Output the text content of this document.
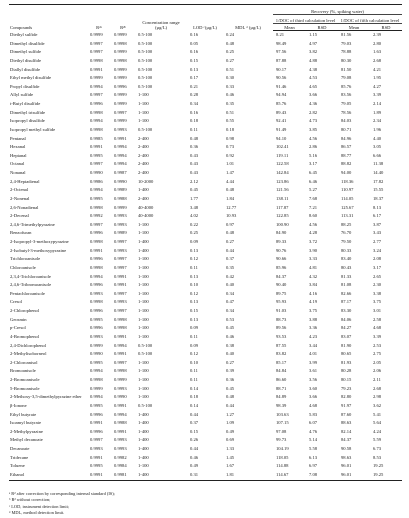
Compounds	R²ᵃ	R²ᵇ	Concentration range (µg/L)	LOD ᶜ(µg/L)	MDL ᵈ (µg/L)	Recovery (%, spiking water)			
						1/DOC of third calculation level		1/DOC of fifth calculation level	
						Mean	RSD	Mean	RSD
Diethyl sulfide	0.9999	0.9999	0.5-100	0.16	0.24	8.21	1.15	81.56	2.39
Dimethyl disulfide	0.9997	0.9998	0.5-100	0.05	0.48	98.49	4.97	79.03	2.80
Dimethyl sulfide	0.9997	0.9999	0.5-100	0.16	0.25	97.56	3.82	78.88	1.63
Diethyl disulfide	0.9998	0.9998	0.5-100	0.15	0.27	87.88	4.88	80.30	2.68
Diallyl disulfide	0.9991	0.9999	0.5-100	0.13	0.51	90.17	4.38	81.50	4.21
Ethyl methyl disulfide	0.9999	0.9999	0.5-100	0.17	0.30	90.56	4.53	79.08	1.95
Propyl disulfide	0.9994	0.9996	0.5-100	0.21	0.33	91.46	4.65	85.76	4.27
Allyl sulfide	0.9997	0.9999	1-100	0.28	0.46	94.94	3.66	83.56	3.39
t-Butyl disulfide	0.9996	0.9999	1-100	0.34	0.35	85.76	4.36	79.05	2.14
Dimethyl trisulfide	0.9998	0.9997	1-100	0.16	0.51	89.43	2.82	78.56	1.89
Isopropyl disulfide	0.9994	0.9999	1-100	0.18	0.55	92.41	4.73	84.03	2.34
Isopropyl methyl sulfide	0.9998	0.9993	0.5-100	0.11	0.18	91.49	3.85	80.71	1.96
Pentanal	0.9985	0.9991	2-400	0.48	0.98	94.10	4.56	84.96	4.40
Hexanal	0.9991	0.9994	2-400	0.36	0.73	102.41	2.86	86.57	3.05
Heptanal	0.9995	0.9994	2-400	0.43	0.92	119.11	5.16	88.77	6.66
Octanal	0.9997	0.9994	2-400	0.43	1.01	122.58	3.17	88.82	11.38
Nonanal	0.9990	0.9987	2-400	0.43	1.47	142.84	6.45	94.00	14.40
2,4-Heptadienal	0.9986	0.9990	10-2000	2.12	4.44	123.86	6.46	118.36	17.82
2-Octenal	0.9994	0.9989	1-400	0.45	0.48	121.56	5.27	110.97	15.55
2-Nonenal	0.9995	0.9988	2-400	1.77	1.84	138.11	7.68	114.05	18.37
2,6-Nonadienal	0.9998	0.9999	40-4000	3.48	12.77	117.87	7.21	125.67	8.13
2-Decenal	0.9992	0.9993	40-4000	4.02	10.93	122.85	8.60	113.31	6.17
2,4,6-Trimethylpyrazine	0.9997	0.9993	1-100	0.22	0.97	100.90	4.56	88.25	3.87
Benzofuran	0.9996	0.9989	1-100	0.25	0.48	84.90	4.28	76.70	3.43
2-Isopropyl-3-methoxypyrazine	0.9998	0.9997	1-400	0.09	0.27	89.33	3.72	79.50	2.77
2-Isobutyl-3-methoxypyrazine	0.9991	0.9993	1-400	0.13	0.44	90.76	3.90	80.33	3.24
Trichloroanisole	0.9996	0.9997	1-100	0.12	0.37	90.66	3.33	83.40	2.08
Chloroanisole	0.9998	0.9997	1-100	0.11	0.35	85.96	4.81	80.43	3.17
2,3,4-Trichloroanisole	0.9994	0.9991	1-100	0.13	0.42	84.37	4.32	81.33	2.65
2,4,6-Tribromoanisole	0.9996	0.9991	1-100	0.10	0.40	90.40	3.84	81.08	2.30
Pentachloroanisole	0.9993	0.9997	1-100	0.12	0.34	89.75	4.16	82.66	3.38
Cresol	0.9998	0.9993	1-100	0.13	0.47	95.93	4.19	87.17	3.75
2-Chlorophenol	0.9996	0.9997	1-100	0.15	0.34	91.03	3.75	83.30	3.01
Geosmin	0.9995	0.9998	1-100	0.13	0.53	88.73	3.88	84.06	2.58
p-Cresol	0.9996	0.9998	1-100	0.09	0.45	89.56	3.36	84.27	4.68
4-Bromophenol	0.9993	0.9991	1-100	0.11	0.46	93.53	4.23	83.07	3.39
2,4-Dichlorophenol	0.9999	0.9994	0.5-100	0.09	0.38	87.55	3.44	81.90	2.53
2-Methylisoborneol	0.9990	0.9991	0.5-100	0.12	0.40	83.82	4.01	80.65	2.75
2-Chloroanisol	0.9995	0.9997	1-100	0.10	0.27	85.17	3.99	81.93	2.05
Bromoanisole	0.9994	0.9998	1-100	0.11	0.39	84.84	3.61	80.28	2.06
2-Bromoanisole	0.9998	0.9999	1-100	0.11	0.36	86.60	3.56	80.15	2.11
5-Bromoanisole	0.9999	0.9993	1-100	0.14	0.45	88.71	3.60	79.23	2.68
2-Methoxy-3,5-dimethylpyrazine ether	0.9994	0.9990	1-100	0.18	0.48	84.89	3.66	82.80	2.98
β-Ionone	0.9995	0.9991	0.5-100	0.14	0.44	98.39	4.68	91.97	3.62
Ethyl butyrate	0.9996	0.9994	1-400	0.44	1.27	103.63	5.83	87.60	5.41
Isoamyl butyrate	0.9991	0.9988	1-400	0.37	1.09	107.15	6.07	88.63	5.64
2-Methylpyrazine	0.9996	0.9991	1-400	0.15	0.49	97.08	4.76	82.14	4.24
Methyl decanoate	0.9997	0.9993	1-400	0.26	0.69	99.73	5.14	84.37	5.59
Decanoate	0.9993	0.9993	1-400	0.44	1.33	104.19	5.58	90.58	6.73
Tridecane	0.9991	0.9982	1-400	0.46	1.45	118.05	6.13	98.63	8.53
Toluene	0.9995	0.9984	1-100	0.49	1.67	114.88	6.97	96.01	19.25
Ethanol	0.9991	0.9981	1-400	0.31	1.81	114.67	7.08	96.01	19.25
ᵃ R² after correction by corresponding internal standard (IS);
ᵇ R² without correction;
ᶜ LOD, instrument detection limit;
ᵈ MDL, method detection limit.
